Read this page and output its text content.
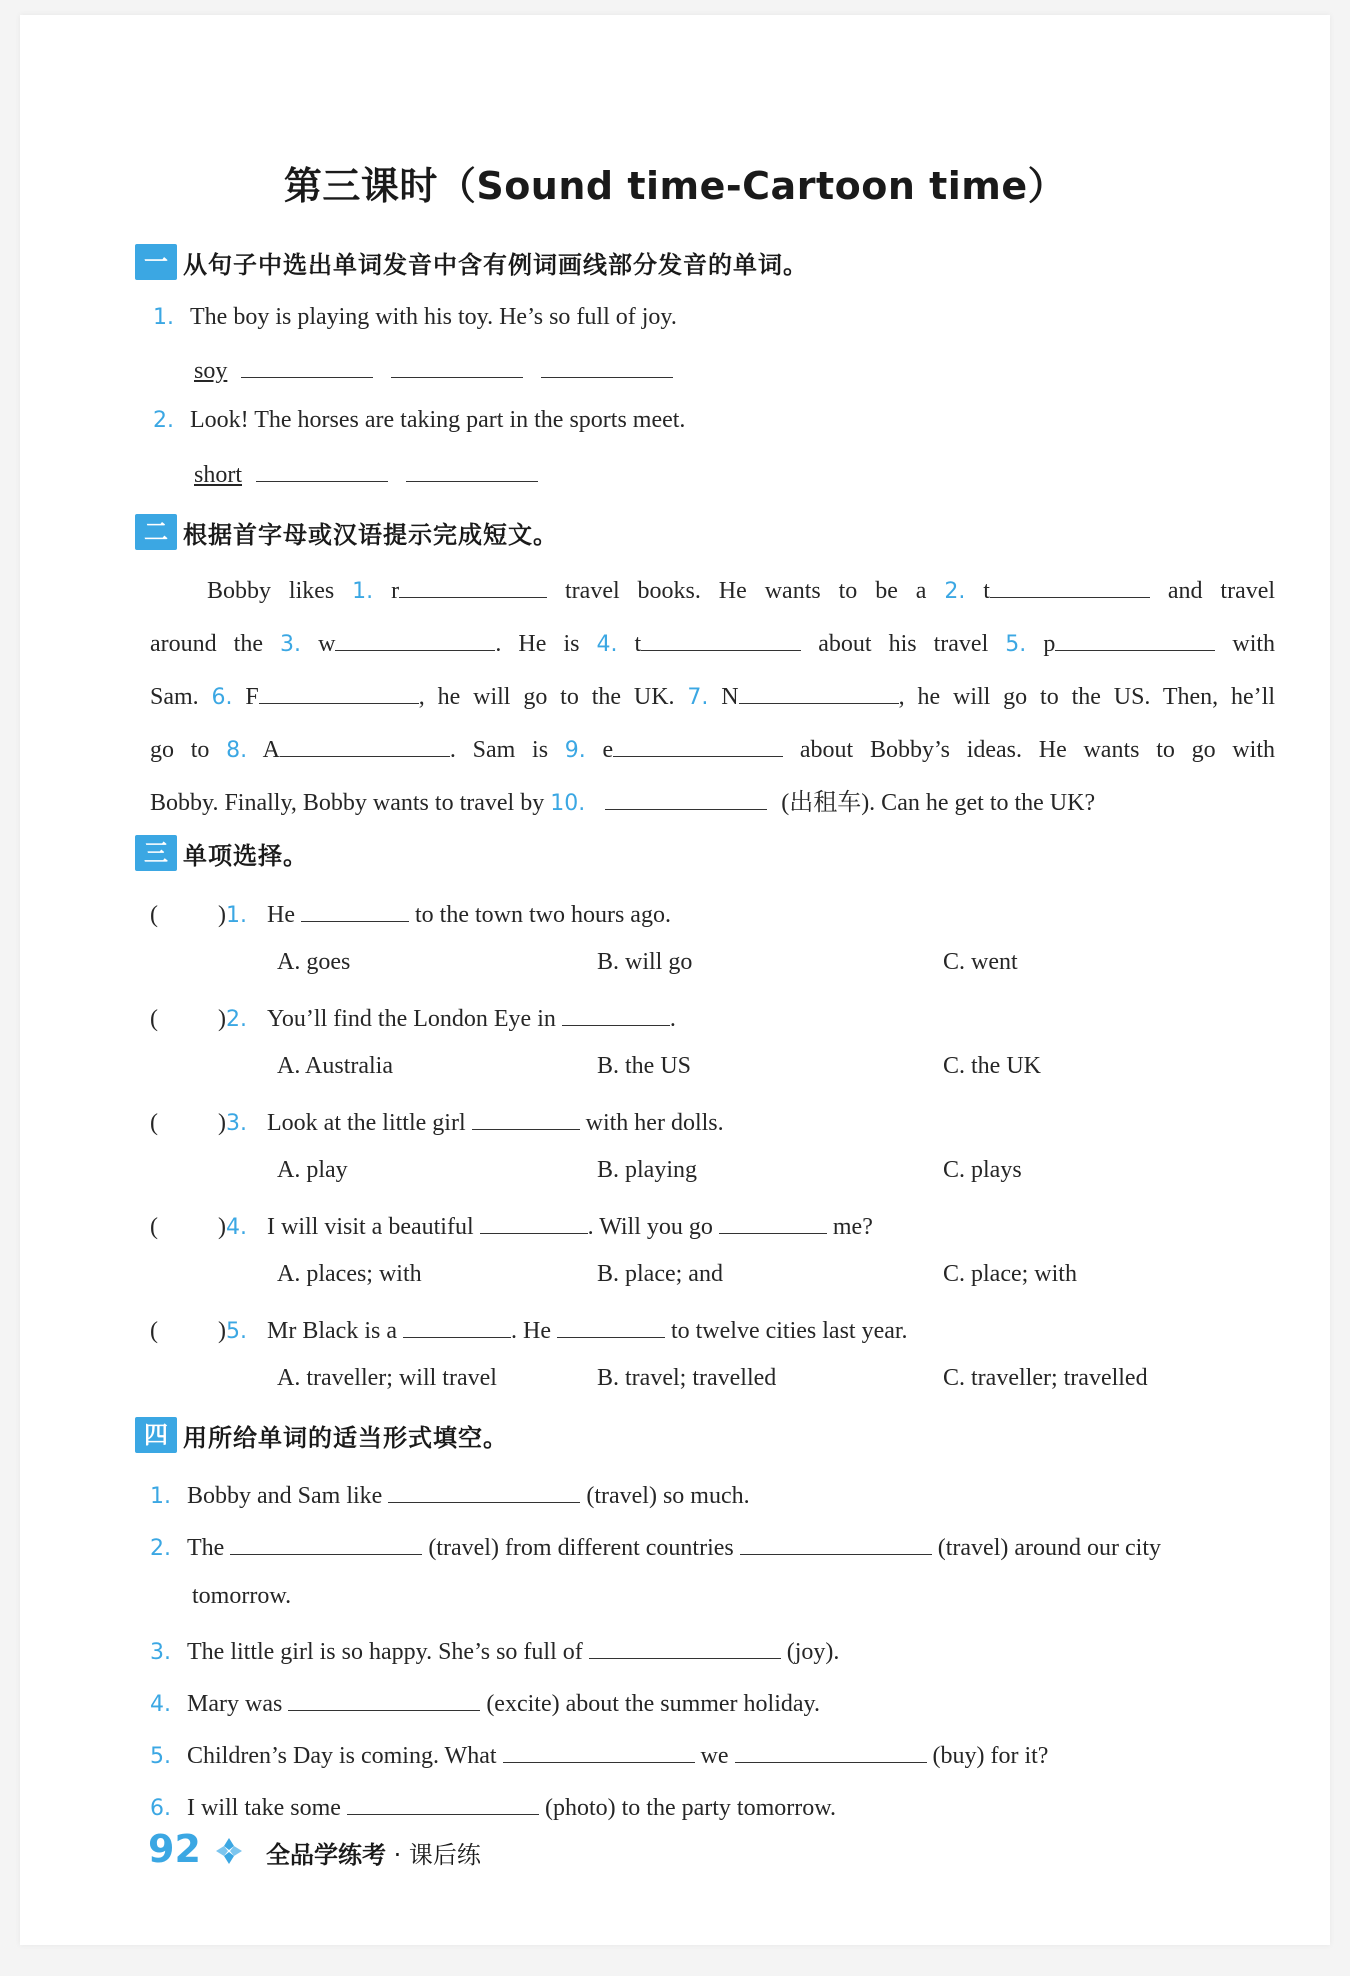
第三课时（Sound time-Cartoon time）
一 从句子中选出单词发音中含有例词画线部分发音的单词。
1. The boy is playing with his toy. He’s so full of joy.
soy
2. Look! The horses are taking part in the sports meet.
short
二 根据首字母或汉语提示完成短文。
Bobby likes 1. r	travel books. He wants to be a 2. t	and travel
around the 3. w	. He is 4. t	about his travel 5. p	with
Sam. 6. F	, he will go to the UK. 7. N	, he will go to the US. Then, he’ll
go to 8. A	. Sam is 9. e	about Bobby’s ideas. He wants to go with
Bobby. Finally, Bobby wants to travel by 10.	(出租车). Can he get to the UK?
三 单项选择。
(	)1. He	to the town two hours ago.
A. goes	B. will go	C. went
(	)2. You’ll find the London Eye in	.
A. Australia	B. the US	C. the UK
(	)3. Look at the little girl	with her dolls.
A. play	B. playing	C. plays
(	)4. I will visit a beautiful	. Will you go	me?
A. places; with	B. place; and	C. place; with
(	)5. Mr Black is a	. He	to twelve cities last year.
A. traveller; will travel	B. travel; travelled	C. traveller; travelled
四 用所给单词的适当形式填空。
1. Bobby and Sam like	(travel) so much.
2. The	(travel) from different countries	(travel) around our city
tomorrow.
3. The little girl is so happy. She’s so full of	(joy).
4. Mary was	(excite) about the summer holiday.
5. Children’s Day is coming. What	we	(buy) for it?
6. I will take some	(photo) to the party tomorrow.
92	全品学练考 · 课后练
